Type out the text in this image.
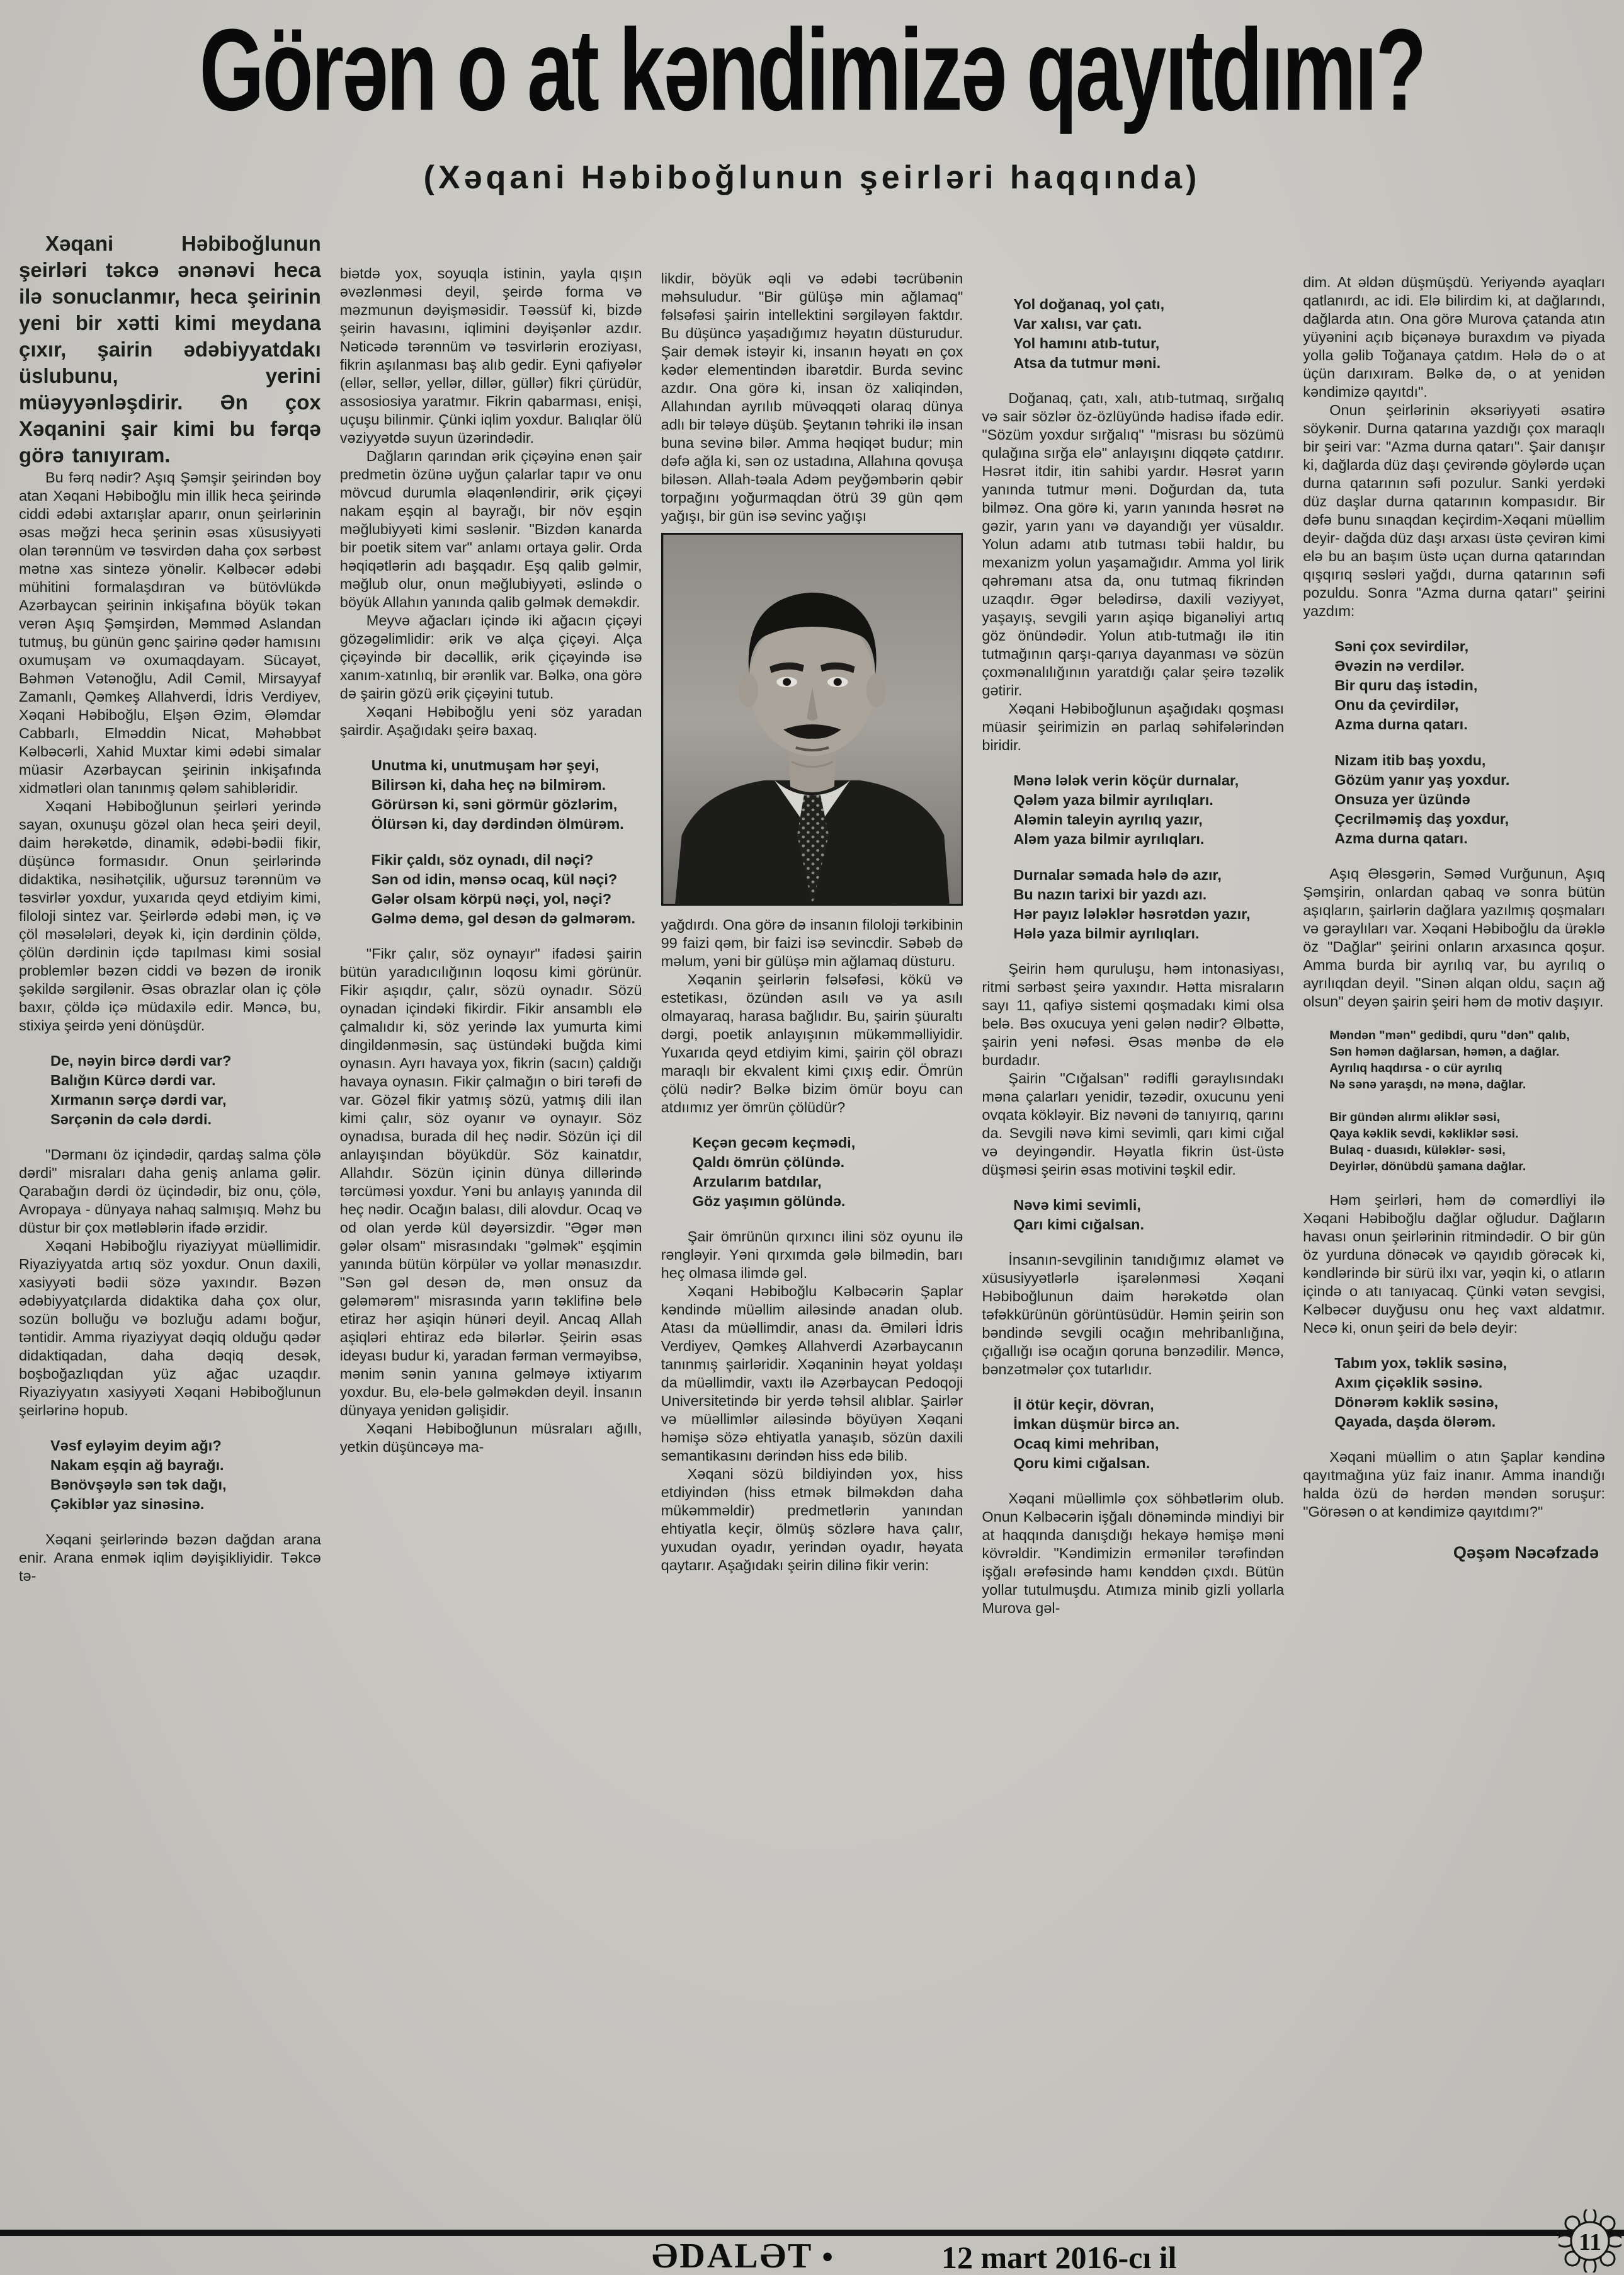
Görən o at kəndimizə qayıtdımı?
(Xəqani Həbiboğlunun şeirləri haqqında)

Xəqani Həbiboğlunun şeirləri təkcə ənənəvi heca ilə sonuclanmır, heca şeirinin yeni bir xətti kimi meydana çıxır, şairin ədəbiyyatdakı üslubunu, yerini müəyyənləşdirir. Ən çox Xəqanini şair kimi bu fərqə görə tanıyıram.

Bu fərq nədir? Aşıq Şəmşir şeirindən boy atan Xəqani Həbiboğlu min illik heca şeirində ciddi ədəbi axtarışlar aparır, onun şeirlərinin əsas məğzi heca şerinin əsas xüsusiyyəti olan tərənnüm və təsvirdən daha çox sərbəst mətnə xas sintezə yönəlir. Kəlbəcər ədəbi mühitini formalaşdıran və bütövlükdə Azərbaycan şeirinin inkişafına böyük təkan verən Aşıq Şəmşirdən, Məmməd Aslandan tutmuş, bu günün gənc şairinə qədər hamısını oxumuşam və oxumaqdayam. Sücayət, Bəhmən Vətənoğlu, Adil Cəmil, Mirsayyaf Zamanlı, Qəmkeş Allahverdi, İdris Verdiyev, Xəqani Həbiboğlu, Elşən Əzim, Ələmdar Cabbarlı, Elməddin Nicat, Məhəbbət Kəlbəcərli, Xahid Muxtar kimi ədəbi simalar müasir Azərbaycan şeirinin inkişafında xidmətləri olan tanınmış qələm sahibləridir.

Xəqani Həbiboğlunun şeirləri yerində sayan, oxunuşu gözəl olan heca şeiri deyil, daim hərəkətdə, dinamik, ədəbi-bədii fikir, düşüncə formasıdır. Onun şeirlərində didaktika, nəsihətçilik, uğursuz tərənnüm və təsvirlər yoxdur, yuxarıda qeyd etdiyim kimi, filoloji sintez var. Şeirlərdə ədəbi mən, iç və çöl məsələləri, deyək ki, için dərdinin çöldə, çölün dərdinin içdə tapılması kimi sosial problemlər bəzən ciddi və bəzən də ironik şəkildə sərgilənir. Əsas obrazlar olan iç çölə baxır, çöldə içə müdaxilə edir. Məncə, bu, stixiya şeirdə yeni dönüşdür.

De, nəyin bircə dərdi var?
Balığın Kürcə dərdi var.
Xırmanın sərçə dərdi var,
Sərçənin də cələ dərdi.

"Dərmanı öz içindədir, qardaş salma çölə dərdi" misraları daha geniş anlama gəlir. Qarabağın dərdi öz üçindədir, biz onu, çölə, Avropaya - dünyaya nahaq salmışıq. Məhz bu düstur bir çox mətləblərin ifadə ərzidir.

Xəqani Həbiboğlu riyaziyyat müəllimidir. Riyaziyyatda artıq söz yoxdur. Onun daxili, xasiyyəti bədii sözə yaxındır. Bəzən ədəbiyyatçılarda didaktika daha çox olur, sozün bolluğu və bozluğu adamı boğur, təntidir. Amma riyaziyyat dəqiq olduğu qədər didaktiqadan, daha dəqiq desək, boşboğazlıqdan yüz ağac uzaqdır. Riyaziyyatın xasiyyəti Xəqani Həbiboğlunun şeirlərinə hopub.

Vəsf eyləyim deyim ağı?
Nakam eşqin ağ bayrağı.
Bənövşəylə sən tək dağı,
Çəkiblər yaz sinəsinə.

Xəqani şeirlərində bəzən dağdan arana enir. Arana enmək iqlim dəyişikliyidir. Təkcə tə-

biətdə yox, soyuqla istinin, yayla qışın əvəzlənməsi deyil, şeirdə forma və məzmunun dəyişməsidir. Təəssüf ki, bizdə şeirin havasını, iqlimini dəyişənlər azdır. Nəticədə tərənnüm və təsvirlərin eroziyası, fikrin aşılanması baş alıb gedir. Eyni qafiyələr (ellər, sellər, yellər, dillər, güllər) fikri çürüdür, assosiosiya yaratmır. Fikrin qabarması, enişi, uçuşu bilinmir. Çünki iqlim yoxdur. Balıqlar ölü vəziyyətdə suyun üzərindədir.

Dağların qarından ərik çiçəyinə enən şair predmetin özünə uyğun çalarlar tapır və onu mövcud durumla əlaqənləndirir, ərik çiçəyi nakam eşqin al bayrağı, bir növ eşqin məğlubiyyəti kimi səslənir. "Bizdən kanarda bir poetik sitem var" anlamı ortaya gəlir. Orda həqiqətlərin adı başqadır. Eşq qalib gəlmir, məğlub olur, onun məğlubiyyəti, əslində o böyük Allahın yanında qalib gəlmək deməkdir.

Meyvə ağacları içində iki ağacın çiçəyi gözəgəlimlidir: ərik və alça çiçəyi. Alça çiçəyində bir dəcəllik, ərik çiçəyində isə xanım-xatınlıq, bir ərənlik var. Bəlkə, ona görə də şairin gözü ərik çiçəyini tutub.

Xəqani Həbiboğlu yeni söz yaradan şairdir. Aşağıdakı şeirə baxaq.

Unutma ki, unutmuşam hər şeyi,
Bilirsən ki, daha heç nə bilmirəm.
Görürsən ki, səni görmür gözlərim,
Ölürsən ki, day dərdindən ölmürəm.
Fikir çaldı, söz oynadı, dil nəçi?
Sən od idin, mənsə ocaq, kül nəçi?
Gələr olsam körpü nəçi, yol, nəçi?
Gəlmə demə, gəl desən də gəlmərəm.

"Fikr çalır, söz oynayır" ifadəsi şairin bütün yaradıcılığının loqosu kimi görünür. Fikir aşıqdır, çalır, sözü oynadır. Sözü oynadan içindəki fikirdir. Fikir ansamblı elə çalmalıdır ki, söz yerində lax yumurta kimi dingildənməsin, saç üstündəki buğda kimi oynasın. Ayrı havaya yox, fikrin (sacın) çaldığı havaya oynasın. Fikir çalmağın o biri tərəfi də var. Gözəl fikir yatmış sözü, yatmış dili ilan kimi çalır, söz oyanır və oynayır. Söz oynadısa, burada dil heç nədir. Sözün içi dil anlayışından böyükdür. Söz kainatdır, Allahdır. Sözün içinin dünya dillərində tərcüməsi yoxdur. Yəni bu anlayış yanında dil heç nədir. Ocağın balası, dili alovdur. Ocaq və od olan yerdə kül dəyərsizdir. "Əgər mən gələr olsam" misrasındakı "gəlmək" eşqimin yanında bütün körpülər və yollar mənasızdır. "Sən gəl desən də, mən onsuz da gələmərəm" misrasında yarın təklifinə belə etiraz hər aşiqin hünəri deyil. Ancaq Allah aşiqləri ehtiraz edə bilərlər. Şeirin əsas ideyası budur ki, yaradan fərman verməyibsə, mənim sənin yanına gəlməyə ixtiyarım yoxdur. Bu, elə-belə gəlməkdən deyil. İnsanın dünyaya yenidən gəlişidir.

Xəqani Həbiboğlunun müsraları ağıllı, yetkin düşüncəyə ma-

likdir, böyük əqli və ədəbi təcrübənin məhsuludur. "Bir gülüşə min ağlamaq" fəlsəfəsi şairin intellektini sərgiləyən faktdır. Bu düşüncə yaşadığımız həyatın düsturudur. Şair demək istəyir ki, insanın həyatı ən çox kədər elementindən ibarətdir. Burda sevinc azdır. Ona görə ki, insan öz xaliqindən, Allahından ayrılıb müvəqqəti olaraq dünya adlı bir tələyə düşüb. Şeytanın təhriki ilə insan buna sevinə bilər. Amma həqiqət budur; min dəfə ağla ki, sən oz ustadına, Allahına qovuşa biləsən. Allah-təala Adəm peyğəmbərin qəbir torpağını yoğurmaqdan ötrü 39 gün qəm yağışı, bir gün isə sevinc yağışı

yağdırdı. Ona görə də insanın filoloji tərkibinin 99 faizi qəm, bir faizi isə sevincdir. Səbəb də məlum, yəni bir gülüşə min ağlamaq düsturu.

Xəqanin şeirlərin fəlsəfəsi, kökü və estetikası, özündən asılı və ya asılı olmayaraq, harasa bağlıdır. Bu, şairin şüuraltı dərgi, poetik anlayışının mükəmməlliyidir. Yuxarıda qeyd etdiyim kimi, şairin çöl obrazı maraqlı bir ekvalent kimi çıxış edir. Ömrün çölü nədir? Bəlkə bizim ömür boyu can atdıımız yer ömrün çölüdür?

Keçən gecəm keçmədi,
Qaldı ömrün çölündə.
Arzularım batdılar,
Göz yaşımın gölündə.

Şair ömrünün qırxıncı ilini söz oyunu ilə rəngləyir. Yəni qırxımda gələ bilmədin, barı heç olmasa ilimdə gəl.

Xəqani Həbiboğlu Kəlbəcərin Şaplar kəndində müəllim ailəsində anadan olub. Atası da müəllimdir, anası da. Əmiləri İdris Verdiyev, Qəmkeş Allahverdi Azərbaycanın tanınmış şairləridir. Xəqaninin həyat yoldaşı da müəllimdir, vaxtı ilə Azərbaycan Pedoqoji Universitetində bir yerdə təhsil alıblar. Şairlər və müəllimlər ailəsində böyüyən Xəqani həmişə sözə ehtiyatla yanaşıb, sözün daxili semantikasını dərindən hiss edə bilib.

Xəqani sözü bildiyindən yox, hiss etdiyindən (hiss etmək bilməkdən daha mükəmməldir) predmetlərin yanından ehtiyatla keçir, ölmüş sözlərə hava çalır, yuxudan oyadır, yerindən oyadır, həyata qaytarır. Aşağıdakı şeirin dilinə fikir verin:

Yol doğanaq, yol çatı,
Var xalısı, var çatı.
Yol hamını atıb-tutur,
Atsa da tutmur məni.

Doğanaq, çatı, xalı, atıb-tutmaq, sırğalıq və sair sözlər öz-özlüyündə hadisə ifadə edir. "Sözüm yoxdur sırğalıq" "misrası bu sözümü qulağına sırğa elə" anlayışını diqqətə çatdırır. Həsrət itdir, itin sahibi yardır. Həsrət yarın yanında tutmur məni. Doğurdan da, tuta bilməz. Ona görə ki, yarın yanında həsrət nə gəzir, yarın yanı və dayandığı yer vüsaldır. Yolun adamı atıb tutması təbii haldır, bu mexanizm yolun yaşamağıdır. Amma yol lirik qəhrəmanı atsa da, onu tutmaq fikrindən uzaqdır. Əgər belədirsə, daxili vəziyyət, yaşayış, sevgili yarın aşiqə biganəliyi artıq göz önündədir. Yolun atıb-tutmağı ilə itin tutmağının qarşı-qarıya dayanması və sözün çoxmənalılığının yaratdığı çalar şeirə təzəlik gətirir.

Xəqani Həbiboğlunun aşağıdakı qoşması müasir şeirimizin ən parlaq səhifələrindən biridir.

Mənə lələk verin köçür durnalar,
Qələm yaza bilmir ayrılıqları.
Aləmin taleyin ayrılıq yazır,
Aləm yaza bilmir ayrılıqları.
Durnalar səmada hələ də azır,
Bu nazın tarixi bir yazdı azı.
Hər payız lələklər həsrətdən yazır,
Hələ yaza bilmir ayrılıqları.

Şeirin həm quruluşu, həm intonasiyası, ritmi sərbəst şeirə yaxındır. Hətta misraların sayı 11, qafiyə sistemi qoşmadakı kimi olsa belə. Bəs oxucuya yeni gələn nədir? Əlbəttə, şairin yeni nəfəsi. Əsas mənbə də elə burdadır.

Şairin "Cığalsan" rədifli gəraylısındakı məna çalarları yenidir, təzədir, oxucunu yeni ovqata kökləyir. Biz nəvəni də tanıyırıq, qarını da. Sevgili nəvə kimi sevimli, qarı kimi cığal və deyingəndir. Həyatla fikrin üst-üstə düşməsi şeirin əsas motivini təşkil edir.

Nəvə kimi sevimli,
Qarı kimi cığalsan.

İnsanın-sevgilinin tanıdığımız əlamət və xüsusiyyətlərlə işarələnməsi Xəqani Həbiboğlunun daim hərəkətdə olan təfəkkürünün görüntüsüdür. Həmin şeirin son bəndində sevgili ocağın mehribanlığına, çığallığı isə ocağın qoruna bənzədilir. Məncə, bənzətmələr çox tutarlıdır.

İl ötür keçir, dövran,
İmkan düşmür bircə an.
Ocaq kimi mehriban,
Qoru kimi cığalsan.

Xəqani müəllimlə çox söhbətlərim olub. Onun Kəlbəcərin işğalı dönəmində mindiyi bir at haqqında danışdığı hekayə həmişə məni kövrəldir. "Kəndimizin ermənilər tərəfindən işğalı ərəfəsində hamı kənddən çıxdı. Bütün yollar tutulmuşdu. Atımıza minib gizli yollarla Murova gəl-

dim. At əldən düşmüşdü. Yeriyəndə ayaqları qatlanırdı, ac idi. Elə bilirdim ki, at dağlarındı, dağlarda atın. Ona görə Murova çatanda atın yüyənini açıb biçənəyə buraxdım və piyada yolla gəlib Toğanaya çatdım. Hələ də o at üçün darıxıram. Bəlkə də, o at yenidən kəndimizə qayıtdı".

Onun şeirlərinin əksəriyyəti əsatirə söykənir. Durna qatarına yazdığı çox maraqlı bir şeiri var: "Azma durna qatarı". Şair danışır ki, dağlarda düz daşı çevirəndə göylərdə uçan durna qatarının səfi pozulur. Sanki yerdəki düz daşlar durna qatarının kompasıdır. Bir dəfə bunu sınaqdan keçirdim-Xəqani müəllim deyir- dağda düz daşı arxası üstə çevirən kimi elə bu an başım üstə uçan durna qatarından qışqırıq səsləri yağdı, durna qatarının səfi pozuldu. Sonra "Azma durna qatarı" şeirini yazdım:

Səni çox sevirdilər,
Əvəzin nə verdilər.
Bir quru daş istədin,
Onu da çevirdilər,
Azma durna qatarı.
Nizam itib baş yoxdu,
Gözüm yanır yaş yoxdur.
Onsuza yer üzündə
Çecrilməmiş daş yoxdur,
Azma durna qatarı.

Aşıq Ələsgərin, Səməd Vurğunun, Aşıq Şəmşirin, onlardan qabaq və sonra bütün aşıqların, şairlərin dağlara yazılmış qoşmaları və gəraylıları var. Xəqani Həbiboğlu da ürəklə öz "Dağlar" şeirini onların arxasınca qoşur. Amma burda bir ayrılıq var, bu ayrılıq o ayrılıqdan deyil. "Sinən alqan oldu, saçın ağ olsun" deyən şairin şeiri həm də motiv daşıyır.

Məndən "mən" gedibdi, quru "dən" qalıb,
Sən həmən dağlarsan, həmən, a dağlar.
Ayrılıq haqdırsa - o cür ayrılıq
Nə sənə yaraşdı, nə mənə, dağlar.
Bir gündən alırmı əliklər səsi,
Qaya kəklik sevdi, kəkliklər səsi.
Bulaq - duasıdı, küləklər- səsi,
Deyirlər, dönübdü şamana dağlar.

Həm şeirləri, həm də comərdliyi ilə Xəqani Həbiboğlu dağlar oğludur. Dağların havası onun şeirlərinin ritmindədir. O bir gün öz yurduna dönəcək və qayıdıb görəcək ki, kəndlərində bir sürü ilxı var, yəqin ki, o atların içində o atı tanıyacaq. Çünki vətən sevgisi, Kəlbəcər duyğusu onu heç vaxt aldatmır. Necə ki, onun şeiri də belə deyir:

Tabım yox, təklik səsinə,
Axım çiçəklik səsinə.
Dönərəm kəklik səsinə,
Qayada, daşda ölərəm.

Xəqani müəllim o atın Şaplar kəndinə qayıtmağına yüz faiz inanır. Amma inandığı halda özü də hərdən məndən soruşur: "Görəsən o at kəndimizə qayıtdımı?"

Qəşəm Nəcəfzadə
ƏDALƏT •	12 mart 2016-cı il	11
